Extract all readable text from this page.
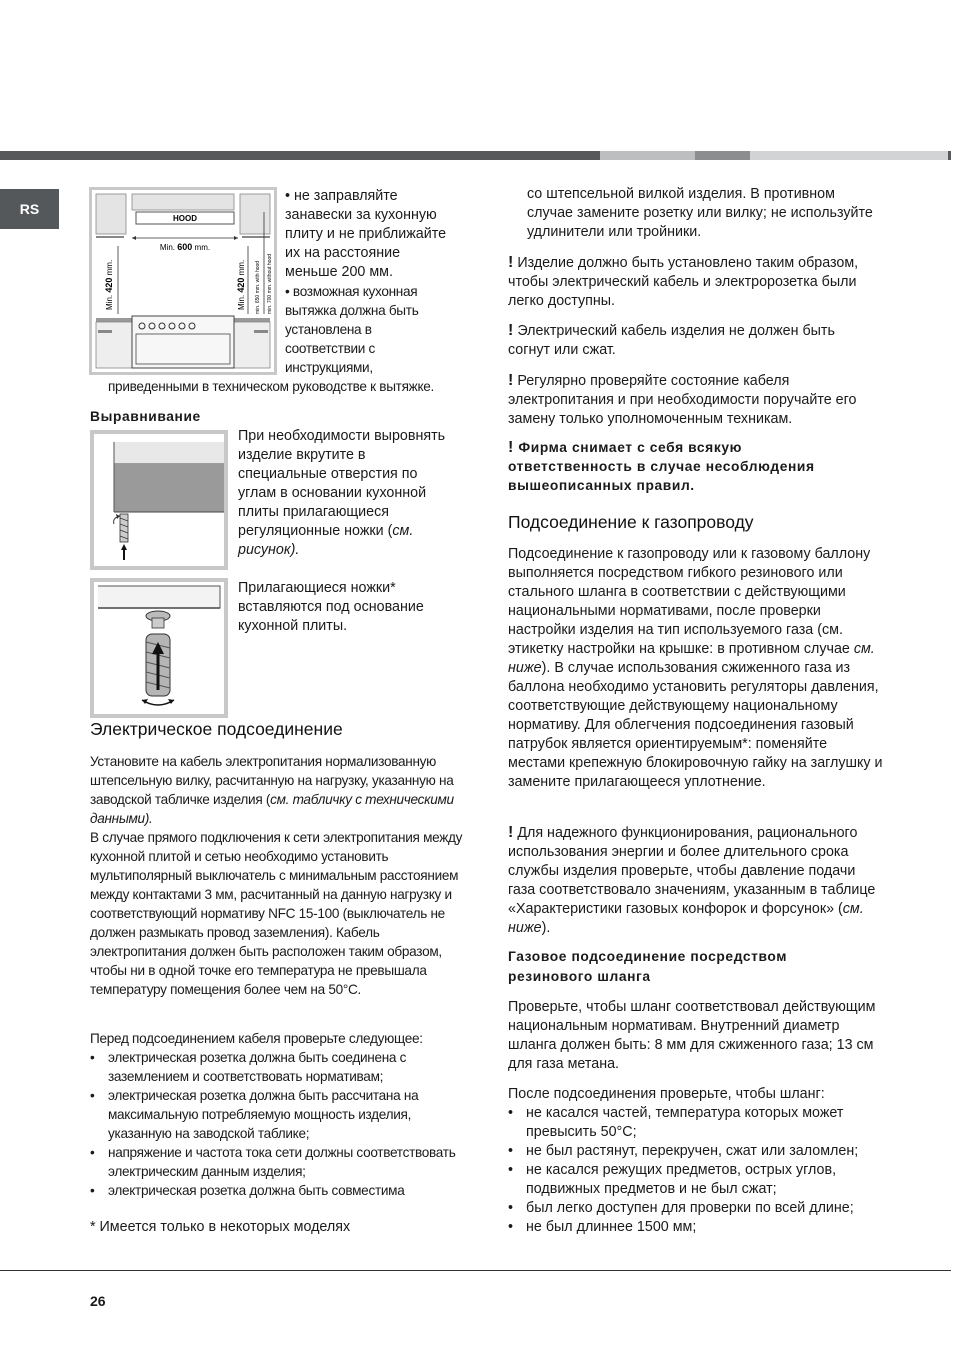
RS
HOOD
Min. 600 mm.
Min. 420 mm.
Min. 420 mm. min. 650 mm. with hood min. 700 mm. without hood
• не заправляйте
занавески за кухонную
плиту и не приближайте
их на расстояние
меньше 200 мм.
• возможная кухонная
вытяжка должна быть
установлена в
соответствии с
инструкциями,
приведенными в техническом руководстве к вытяжке.
Выравнивание
При необходимости выровнять
изделие вкрутите в
специальные отверстия по
углам в основании кухонной
плиты прилагающиеся
регуляционные ножки (см.
рисунок).
Прилагающиеся ножки*
вставляются под основание
кухонной плиты.
Электрическое подсоединение

Установите на кабель электропитания нормализованную штепсельную вилку, расчитанную на нагрузку, указанную на заводской табличке изделия (см. табличку с техническими данными).

В случае прямого подключения к сети электропитания между кухонной плитой и сетью необходимо установить мультиполярный выключатель с минимальным расстоянием между контактами 3 мм, расчитанный на данную нагрузку и соответствующий нормативу NFC 15-100 (выключатель не должен размыкать провод заземления). Кабель электропитания должен быть расположен таким образом, чтобы ни в одной точке его температура не превышала температуру помещения более чем на 50°C.

Перед подсоединением кабеля проверьте следующее:

• электрическая розетка должна быть соединена с заземлением и соответствовать нормативам;
• электрическая розетка должна быть рассчитана на максимальную потребляемую мощность изделия, указанную на заводской таблике;
• напряжение и частота тока сети должны соответствовать электрическим данным изделия;
• электрическая розетка должна быть совместима
* Имеется только в некоторых моделях
со штепсельной вилкой изделия. В противном случае замените розетку или вилку; не используйте удлинители или тройники.
! Изделие должно быть установлено таким образом, чтобы электрический кабель и электророзетка были легко доступны.
! Электрический кабель изделия не должен быть согнут или сжат.
! Регулярно проверяйте состояние кабеля электропитания и при необходимости поручайте его замену только уполномоченным техникам.
! Фирма снимает с себя всякую ответственность в случае несоблюдения вышеописанных правил.
Подсоединение к газопроводу
Подсоединение к газопроводу или к газовому баллону выполняется посредством гибкого резинового или стального шланга в соответствии с действующими национальными нормативами, после проверки настройки изделия на тип используемого газа (см. этикетку настройки на крышке: в противном случае см. ниже). В случае использования сжиженного газа из баллона необходимо установить регуляторы давления, соответствующие действующему национальному нормативу. Для облегчения подсоединения газовый патрубок является ориентируемым*: поменяйте местами крепежную блокировочную гайку на заглушку и замените прилагающееся уплотнение.
! Для надежного функционирования, рационального использования энергии и более длительного срока службы изделия проверьте, чтобы давление подачи газа соответствовало значениям, указанным в таблице «Характеристики газовых конфорок и форсунок» (см. ниже).
Газовое подсоединение посредством резинового шланга
Проверьте, чтобы шланг соответствовал действующим национальным нормативам. Внутренний диаметр шланга должен быть: 8 мм для сжиженного газа; 13 см для газа метана.

После подсоединения проверьте, чтобы шланг:

• не касался частей, температура которых может превысить 50°С;
• не был растянут, перекручен, сжат или заломлен;
• не касался режущих предметов, острых углов, подвижных предметов и не был сжат;
• был легко доступен для проверки по всей длине;
• не был длиннее 1500 мм;
26
